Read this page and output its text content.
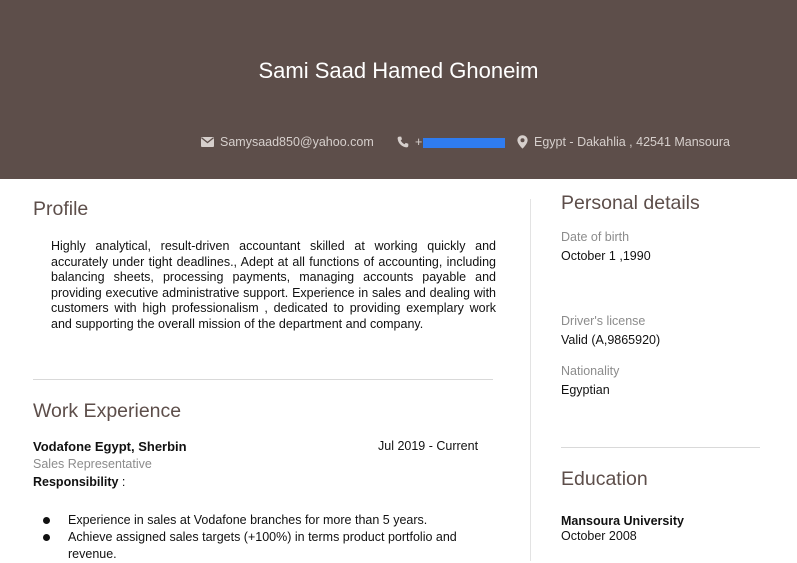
Sami Saad Hamed Ghoneim
Samysaad850@yahoo.com	+	Egypt - Dakahlia , 42541 Mansoura
Profile
Highly analytical, result-driven accountant skilled at working quickly and accurately under tight deadlines., Adept at all functions of accounting, including balancing sheets, processing payments, managing accounts payable and providing executive administrative support. Experience in sales and dealing with customers with high professionalism , dedicated to providing exemplary work and supporting the overall mission of the department and company.
Work Experience
Vodafone Egypt, Sherbin	Jul 2019 - Current
Sales Representative
Responsibility :
Experience in sales at Vodafone branches for more than 5 years.
Achieve assigned sales targets (+100%) in terms product portfolio and revenue.
Personal details
Date of birth
October 1 ,1990
Driver's license
Valid (A,9865920)
Nationality
Egyptian
Education
Mansoura University
October 2008
